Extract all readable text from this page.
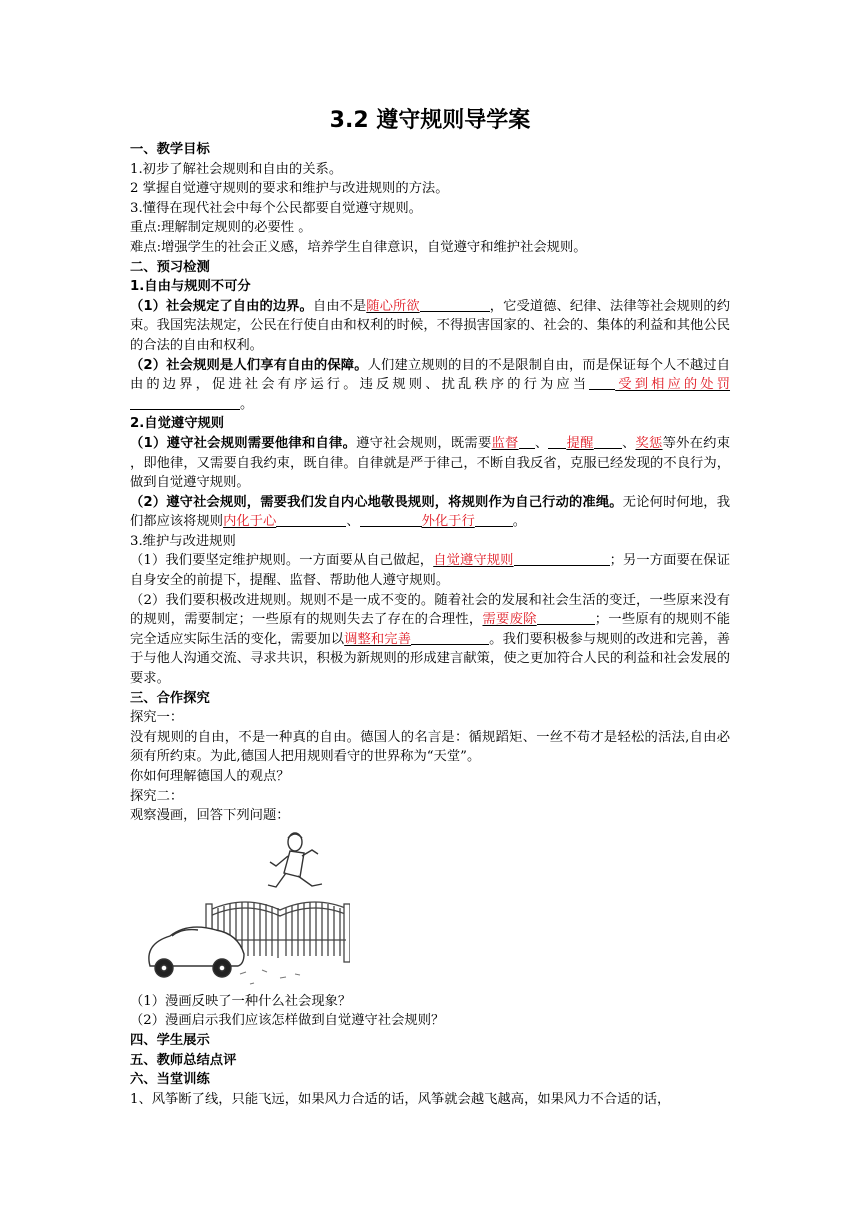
3.2 遵守规则导学案
一、教学目标
1.初步了解社会规则和自由的关系。
2 掌握自觉遵守规则的要求和维护与改进规则的方法。
3.懂得在现代社会中每个公民都要自觉遵守规则。
重点:理解制定规则的必要性 。
难点:增强学生的社会正义感，培养学生自律意识，自觉遵守和维护社会规则。
二、预习检测
1.自由与规则不可分
（1）社会规定了自由的边界。自由不是随心所欲	，它受道德、纪律、法律等社会规则的约束。我国宪法规定，公民在行使自由和权利的时候，不得损害国家的、社会的、集体的利益和其他公民的合法的自由和权利。
（2）社会规则是人们享有自由的保障。人们建立规则的目的不是限制自由，而是保证每个人不越过自由的边界，促进社会有序运行。违反规则、扰乱秩序的行为应当 受到相应的处罚。
2.自觉遵守规则
（1）遵守社会规则需要他律和自律。遵守社会规则，既需要监督 、 提醒 、奖惩等外在约束 ，即他律，又需要自我约束，既自律。自律就是严于律己，不断自我反省，克服已经发现的不良行为，做到自觉遵守规则。
（2）遵守社会规则，需要我们发自内心地敬畏规则，将规则作为自己行动的准绳。无论何时何地，我们都应该将规则内化于心	、	外化于行	。
3.维护与改进规则
（1）我们要坚定维护规则。一方面要从自己做起，自觉遵守规则	；另一方面要在保证自身安全的前提下，提醒、监督、帮助他人遵守规则。
（2）我们要积极改进规则。规则不是一成不变的。随着社会的发展和社会生活的变迁，一些原来没有的规则，需要制定；一些原有的规则失去了存在的合理性，需要废除	；一些原有的规则不能完全适应实际生活的变化，需要加以调整和完善	。我们要积极参与规则的改进和完善，善于与他人沟通交流、寻求共识，积极为新规则的形成建言献策，使之更加符合人民的利益和社会发展的要求。
三、合作探究
探究一：
没有规则的自由，不是一种真的自由。德国人的名言是：循规蹈矩、一丝不苟才是轻松的活法,自由必须有所约束。为此,德国人把用规则看守的世界称为“天堂”。
你如何理解德国人的观点？
探究二：
观察漫画，回答下列问题：
（1）漫画反映了一种什么社会现象？
（2）漫画启示我们应该怎样做到自觉遵守社会规则？
四、学生展示
五、教师总结点评
六、当堂训练
1、风筝断了线，只能飞远，如果风力合适的话，风筝就会越飞越高，如果风力不合适的话，
